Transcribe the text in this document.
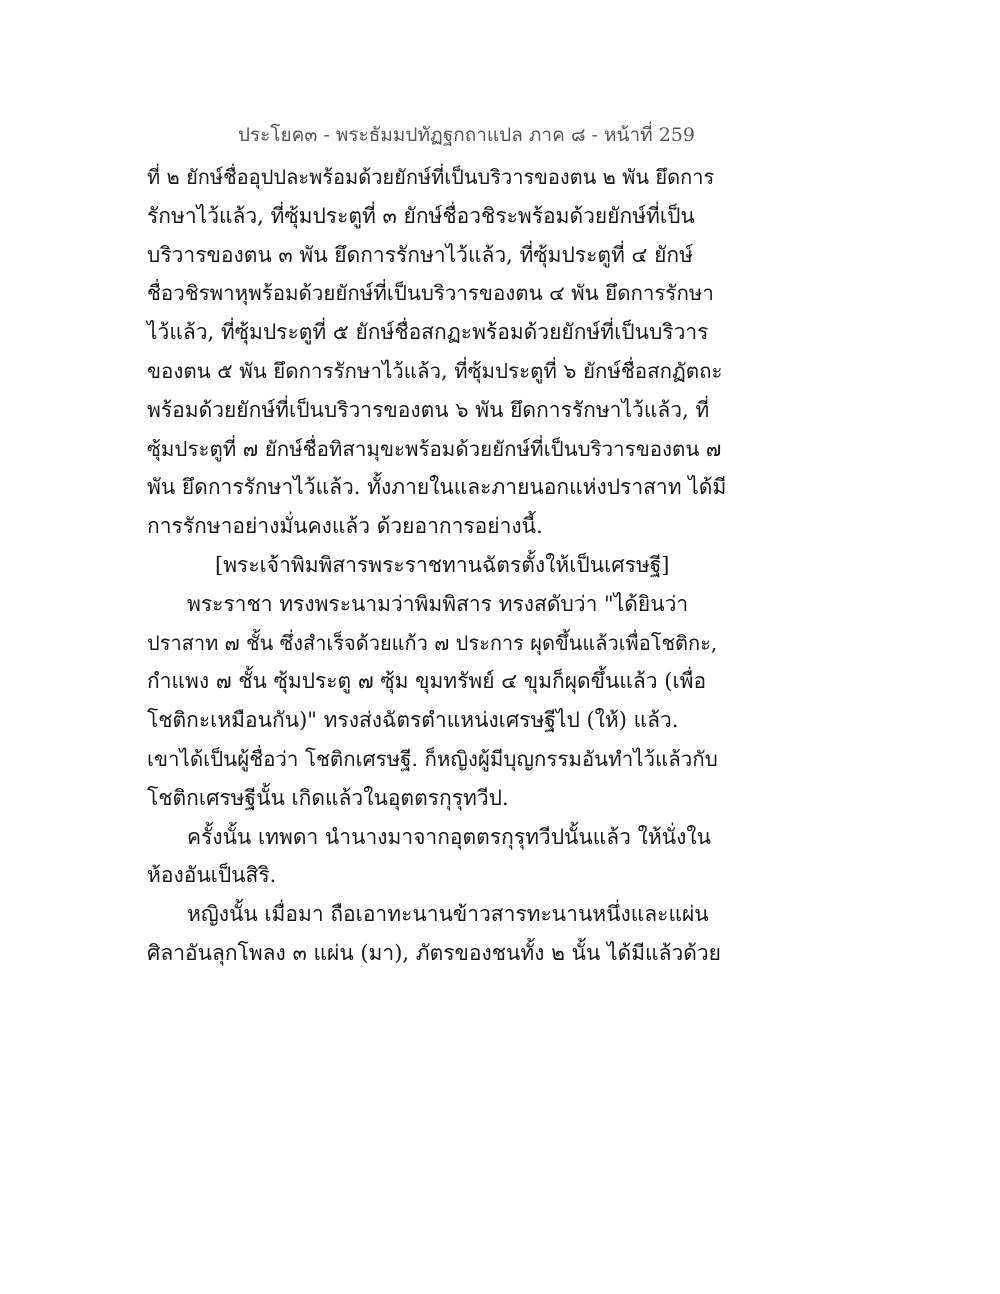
ประโยค๓ - พระธัมมปทัฏฐกถาแปล ภาค ๘ - หน้าที่ 259
ที่ ๒ ยักษ์ชื่ออุปปละพร้อมด้วยยักษ์ที่เป็นบริวารของตน ๒ พัน ยึดการ
รักษาไว้แล้ว, ที่ซุ้มประตูที่ ๓ ยักษ์ชื่อวชิระพร้อมด้วยยักษ์ที่เป็น
บริวารของตน ๓ พัน ยึดการรักษาไว้แล้ว, ที่ซุ้มประตูที่ ๔ ยักษ์
ชื่อวชิรพาหุพร้อมด้วยยักษ์ที่เป็นบริวารของตน ๔ พัน ยึดการรักษา
ไว้แล้ว, ที่ซุ้มประตูที่ ๕ ยักษ์ชื่อสกฏะพร้อมด้วยยักษ์ที่เป็นบริวาร
ของตน ๕ พัน ยึดการรักษาไว้แล้ว, ที่ซุ้มประตูที่ ๖ ยักษ์ชื่อสกฏัตถะ
พร้อมด้วยยักษ์ที่เป็นบริวารของตน ๖ พัน ยึดการรักษาไว้แล้ว, ที่
ซุ้มประตูที่ ๗ ยักษ์ชื่อทิสามุขะพร้อมด้วยยักษ์ที่เป็นบริวารของตน ๗
พัน ยึดการรักษาไว้แล้ว. ทั้งภายในและภายนอกแห่งปราสาท ได้มี
การรักษาอย่างมั่นคงแล้ว ด้วยอาการอย่างนี้.
[พระเจ้าพิมพิสารพระราชทานฉัตรตั้งให้เป็นเศรษฐี]
พระราชา ทรงพระนามว่าพิมพิสาร ทรงสดับว่า "ได้ยินว่า
ปราสาท ๗ ชั้น ซึ่งสำเร็จด้วยแก้ว ๗ ประการ ผุดขึ้นแล้วเพื่อโชติกะ,
กำแพง ๗ ชั้น ซุ้มประตู ๗ ซุ้ม ขุมทรัพย์ ๔ ขุมก็ผุดขึ้นแล้ว (เพื่อ
โชติกะเหมือนกัน)" ทรงส่งฉัตรตำแหน่งเศรษฐีไป (ให้) แล้ว.
เขาได้เป็นผู้ชื่อว่า โชติกเศรษฐี. ก็หญิงผู้มีบุญกรรมอันทำไว้แล้วกับ
โชติกเศรษฐีนั้น เกิดแล้วในอุตตรกุรุทวีป.
ครั้งนั้น เทพดา นำนางมาจากอุตตรกุรุทวีปนั้นแล้ว ให้นั่งใน
ห้องอันเป็นสิริ.
หญิงนั้น เมื่อมา ถือเอาทะนานข้าวสารทะนานหนึ่งและแผ่น
ศิลาอันลุกโพลง ๓ แผ่น (มา), ภัตรของชนทั้ง ๒ นั้น ได้มีแล้วด้วย
